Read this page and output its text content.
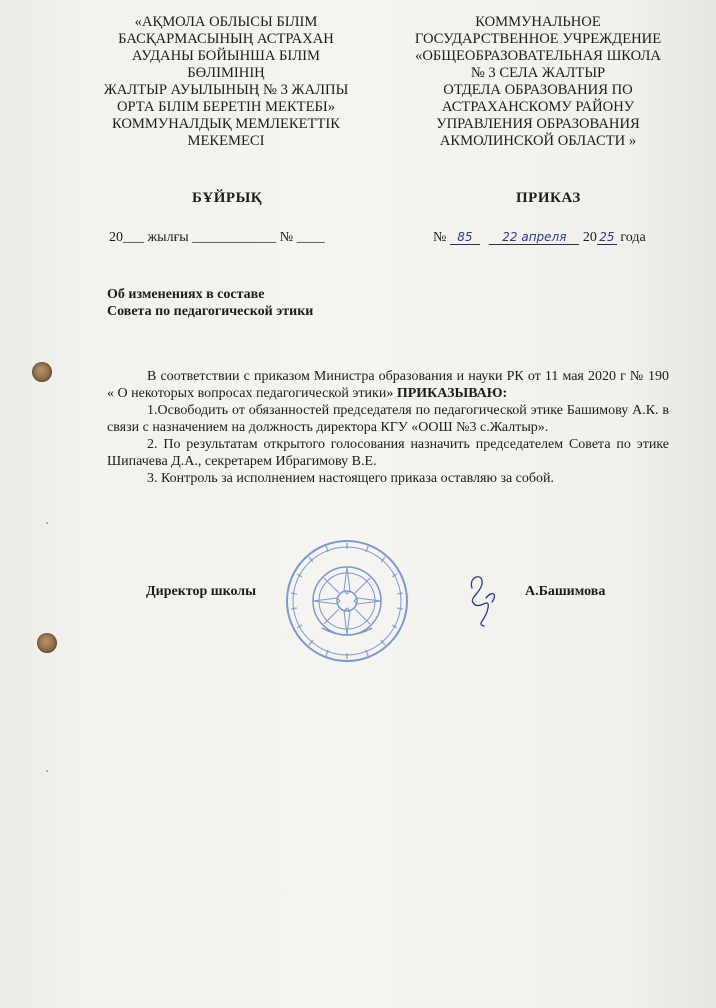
«АҚМОЛА ОБЛЫСЫ БІЛІМ
БАСҚАРМАСЫНЫҢ АСТРАХАН
АУДАНЫ БОЙЫНША БІЛІМ
БӨЛІМІНІҢ
ЖАЛТЫР АУЫЛЫНЫҢ № 3 ЖАЛПЫ
ОРТА БІЛІМ БЕРЕТІН МЕКТЕБІ»
КОММУНАЛДЫҚ МЕМЛЕКЕТТІК
МЕКЕМЕСІ
КОММУНАЛЬНОЕ
ГОСУДАРСТВЕННОЕ УЧРЕЖДЕНИЕ
«ОБЩЕОБРАЗОВАТЕЛЬНАЯ ШКОЛА
№ 3 СЕЛА ЖАЛТЫР
ОТДЕЛА ОБРАЗОВАНИЯ ПО
АСТРАХАНСКОМУ РАЙОНУ
УПРАВЛЕНИЯ ОБРАЗОВАНИЯ
АКМОЛИНСКОЙ ОБЛАСТИ »
БҰЙРЫҚ	ПРИКАЗ
20___ жылғы ____________ № ____	№ 85 22 апреля 20 25 года
Об изменениях в составе
Совета по педагогической этики

В соответствии с приказом Министра образования и науки РК от 11 мая 2020 г № 190 « О некоторых вопросах педагогической этики» ПРИКАЗЫВАЮ:

1.Освободить от обязанностей председателя по педагогической этике Башимову А.К. в связи с назначением на должность директора КГУ «ООШ №3 с.Жалтыр».

2. По результатам открытого голосования назначить председателем Совета по этике Шипачева Д.А., секретарем Ибрагимову В.Е.

3. Контроль за исполнением настоящего приказа оставляю за собой.

Директор школы	А.Башимова
